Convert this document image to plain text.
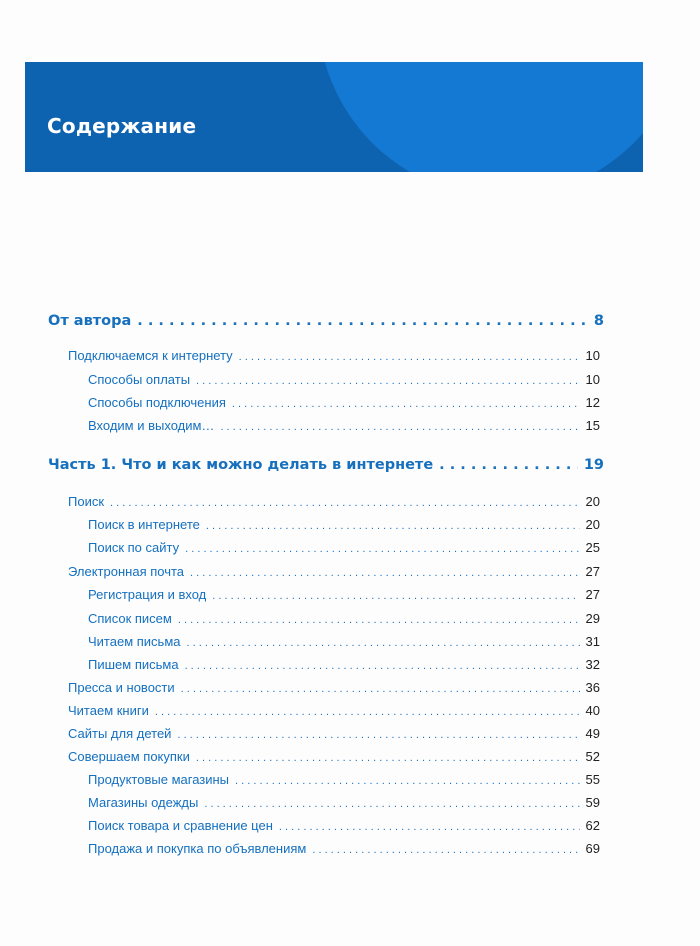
Содержание
От автора . . .	8
Подключаемся к интернету . . .	10
Способы оплаты . . .	10
Способы подключения . . .	12
Входим и выходим… . . .	15
Часть 1. Что и как можно делать в интернете . . .	19
Поиск . . .	20
Поиск в интернете . . .	20
Поиск по сайту . . .	25
Электронная почта . . .	27
Регистрация и вход . . .	27
Список писем . . .	29
Читаем письма . . .	31
Пишем письма . . .	32
Пресса и новости . . .	36
Читаем книги . . .	40
Сайты для детей . . .	49
Совершаем покупки . . .	52
Продуктовые магазины . . .	55
Магазины одежды . . .	59
Поиск товара и сравнение цен . . .	62
Продажа и покупка по объявлениям . . .	69
